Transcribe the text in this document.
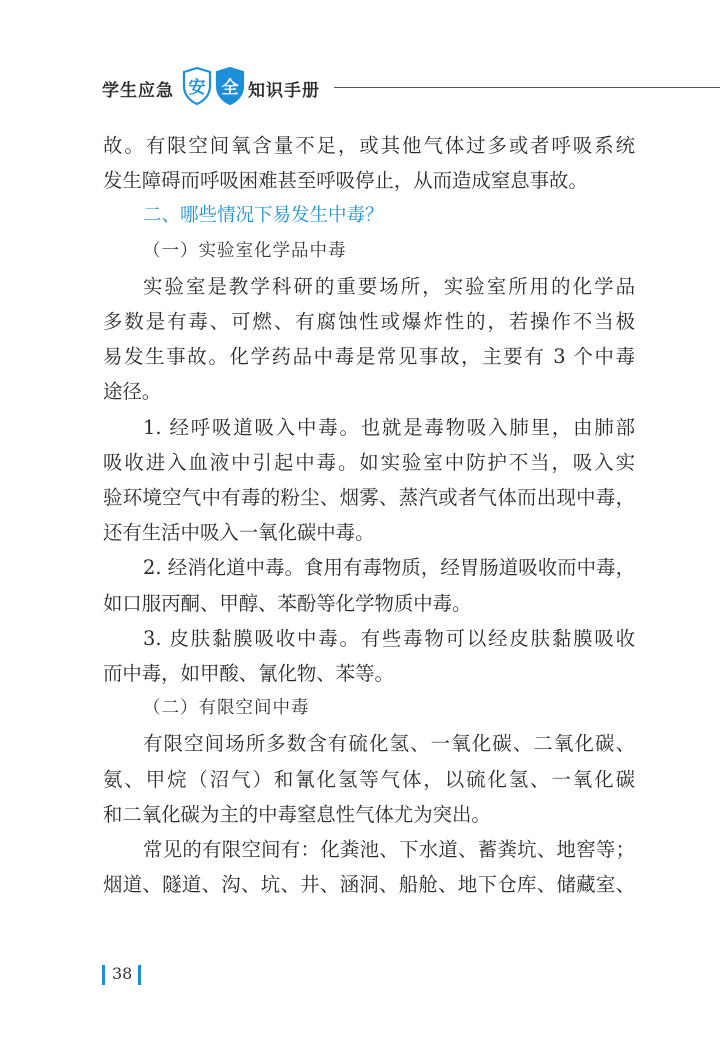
学生应急 安 全 知识手册

故。有限空间氧含量不足，或其他气体过多或者呼吸系统
发生障碍而呼吸困难甚至呼吸停止，从而造成窒息事故。

二、哪些情况下易发生中毒？

（一）实验室化学品中毒

实验室是教学科研的重要场所，实验室所用的化学品
多数是有毒、可燃、有腐蚀性或爆炸性的，若操作不当极
易发生事故。化学药品中毒是常见事故，主要有 3 个中毒
途径。

1. 经呼吸道吸入中毒。也就是毒物吸入肺里，由肺部
吸收进入血液中引起中毒。如实验室中防护不当，吸入实
验环境空气中有毒的粉尘、烟雾、蒸汽或者气体而出现中毒，
还有生活中吸入一氧化碳中毒。

2. 经消化道中毒。食用有毒物质，经胃肠道吸收而中毒，
如口服丙酮、甲醇、苯酚等化学物质中毒。

3. 皮肤黏膜吸收中毒。有些毒物可以经皮肤黏膜吸收
而中毒，如甲酸、氰化物、苯等。

（二）有限空间中毒

有限空间场所多数含有硫化氢、一氧化碳、二氧化碳、
氨、甲烷（沼气）和氰化氢等气体，以硫化氢、一氧化碳
和二氧化碳为主的中毒窒息性气体尤为突出。

常见的有限空间有：化粪池、下水道、蓄粪坑、地窖等；
烟道、隧道、沟、坑、井、涵洞、船舱、地下仓库、储藏室、

38
